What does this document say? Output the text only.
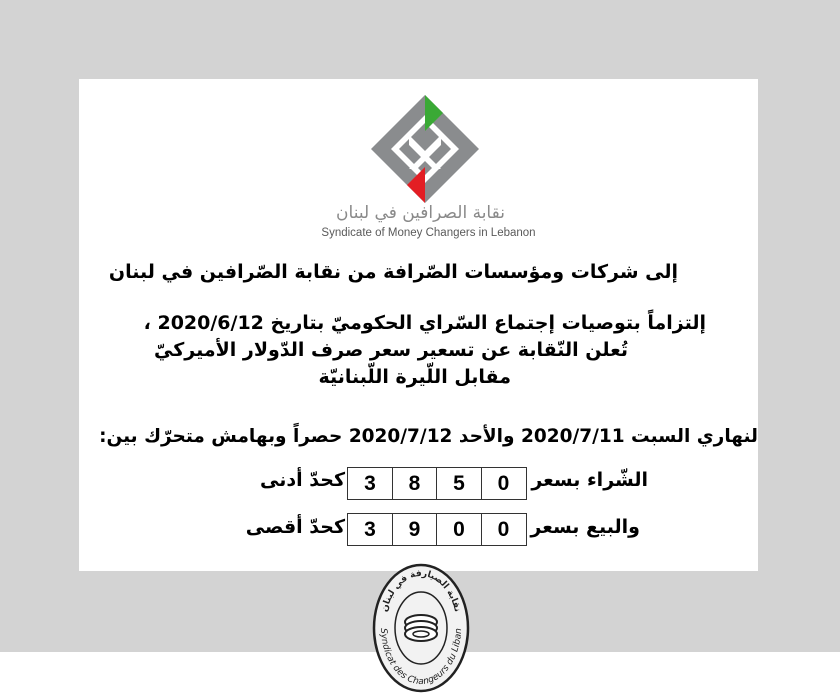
نقابة الصرافين في لبنان
Syndicate of Money Changers in Lebanon
إلى شركات ومؤسسات الصّرافة من نقابة الصّرافين في لبنان
إلتزاماً بتوصيات إجتماع السّراي الحكوميّ بتاريخ 2020/6/12 ،
تُعلن النّقابة عن تسعير سعر صرف الدّولار الأميركيّ
مقابل اللّيرة اللّبنانيّة
لنهاري السبت 2020/7/11 والأحد 2020/7/12 حصراً وبهامش متحرّك بين:
الشّراء بسعر
3	8	5	0
كحدّ أدنى
والبيع بسعر
3	9	0	0
كحدّ أقصى
نقابة الصيارفة في لبنان
Syndicat des Changeurs du Liban
